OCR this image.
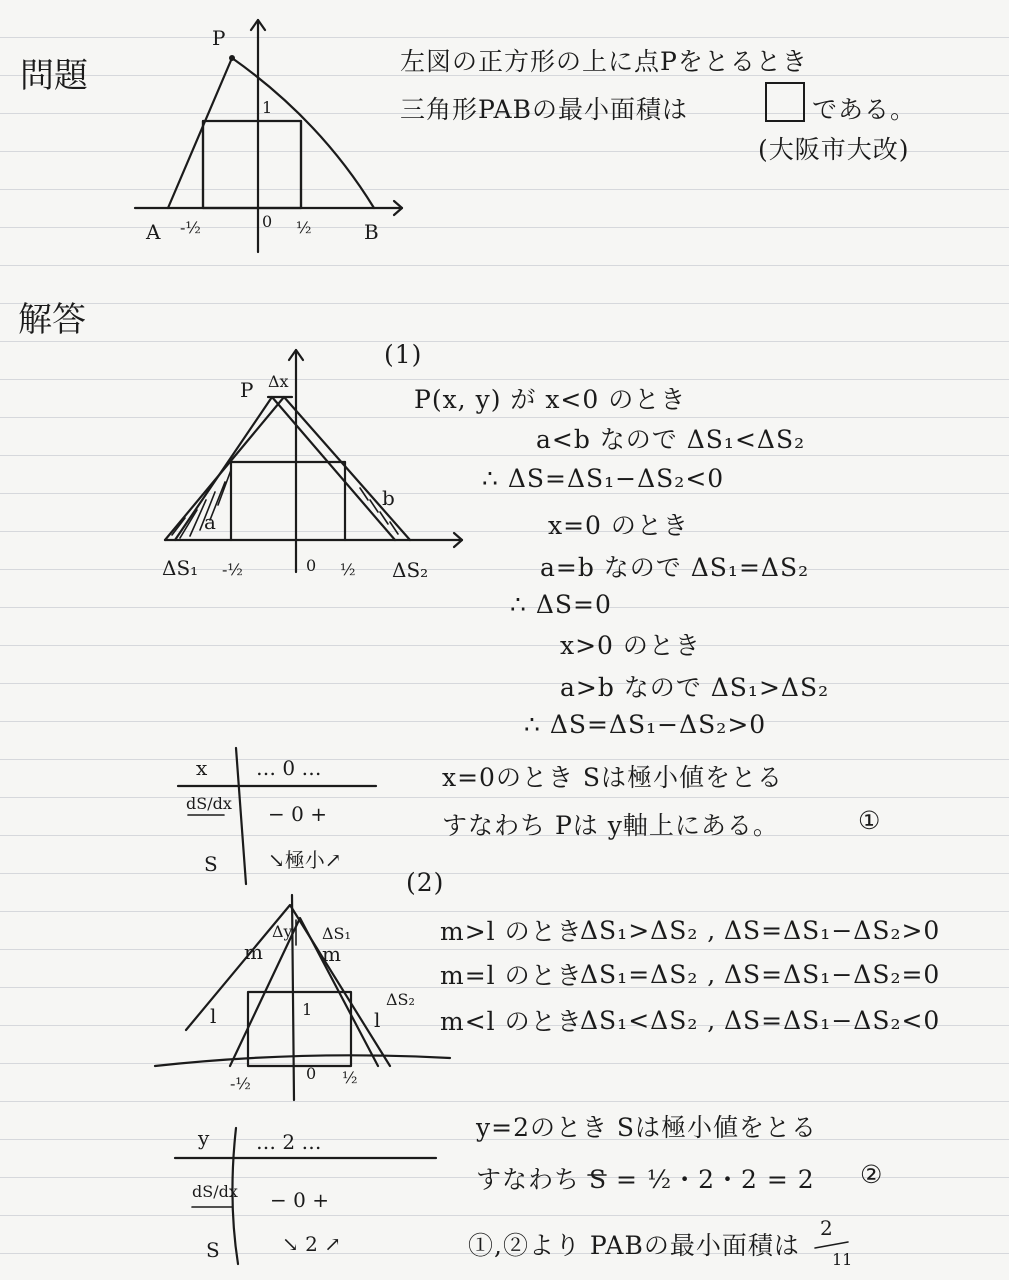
問題
P
A	B
1
0
-½	½
左図の正方形の上に点Pをとるとき
三角形PABの最小面積は	である。
(大阪市大改)
解答
(1)
P Δx
a
b
ΔS₁ -½	0 ½ ΔS₂
P(x, y) が x<0 のとき
a<b なので ΔS₁<ΔS₂
∴ ΔS=ΔS₁−ΔS₂<0
x=0 のとき
a=b なので ΔS₁=ΔS₂
∴ ΔS=0
x>0 のとき
a>b なので ΔS₁>ΔS₂
∴ ΔS=ΔS₁−ΔS₂>0
x … 0 …
dS/dx − 0 +
S	↘極小↗
x=0のとき Sは極小値をとる
すなわち Pは y軸上にある。	①
(2)
Δy ΔS₁
m	m
l	l
ΔS₂
1
-½
0 ½
m>l のとき
ΔS₁>ΔS₂ , ΔS=ΔS₁−ΔS₂>0
m=l のとき
ΔS₁=ΔS₂ , ΔS=ΔS₁−ΔS₂=0
m<l のとき
ΔS₁<ΔS₂ , ΔS=ΔS₁−ΔS₂<0
y … 2 …
dS/dx − 0 +
S	↘ 2 ↗
y=2のとき Sは極小値をとる
すなわち S = ½・2・2 = 2 ②
①,②より PABの最小面積は
2
11
